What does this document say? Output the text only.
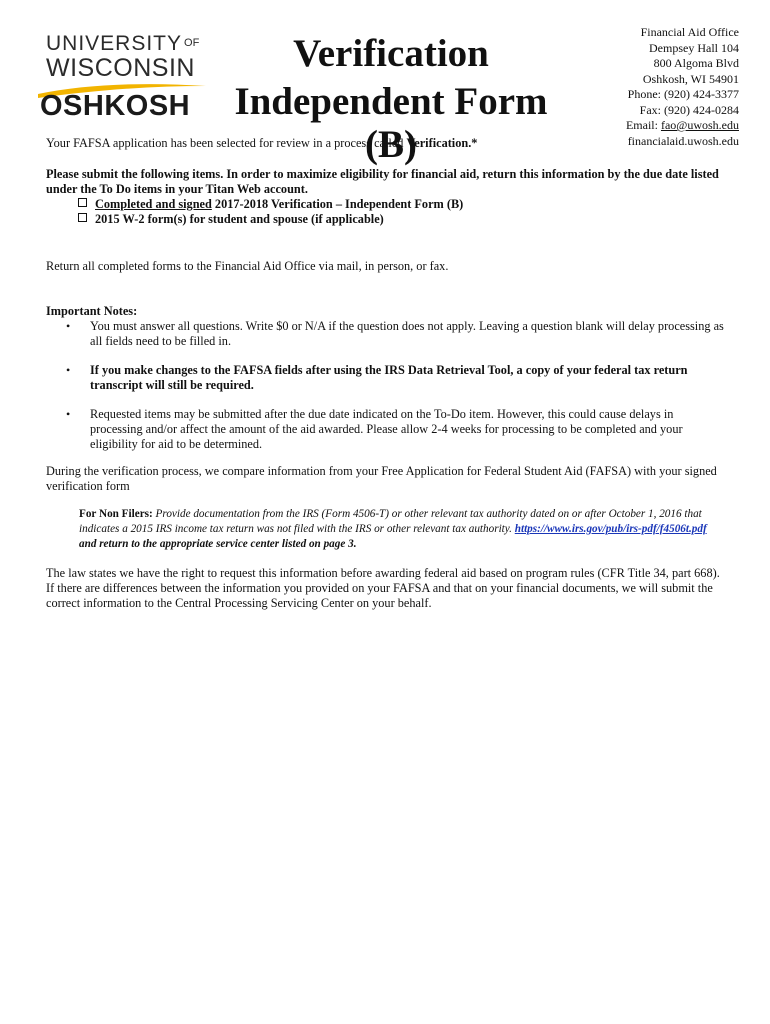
UNIVERSITY OF
WISCONSIN
OSHKOSH
Verification
Independent Form (B)
Financial Aid Office
Dempsey Hall 104
800 Algoma Blvd
Oshkosh, WI 54901
Phone: (920) 424-3377
Fax: (920) 424-0284
Email: fao@uwosh.edu
financialaid.uwosh.edu

Your FAFSA application has been selected for review in a process called Verification.*

Please submit the following items. In order to maximize eligibility for financial aid, return this information by the due date listed under the To Do items in your Titan Web account.

Completed and signed 2017-2018 Verification – Independent Form (B)
2015 W-2 form(s) for student and spouse (if applicable)

Return all completed forms to the Financial Aid Office via mail, in person, or fax.

Important Notes:

•	You must answer all questions. Write $0 or N/A if the question does not apply. Leaving a question blank will delay processing as all fields need to be filled in.
•	If you make changes to the FAFSA fields after using the IRS Data Retrieval Tool, a copy of your federal tax return transcript will still be required.
•	Requested items may be submitted after the due date indicated on the To-Do item. However, this could cause delays in processing and/or affect the amount of the aid awarded. Please allow 2-4 weeks for processing to be completed and your eligibility for aid to be determined.

During the verification process, we compare information from your Free Application for Federal Student Aid (FAFSA) with your signed verification form

For Non Filers: Provide documentation from the IRS (Form 4506-T) or other relevant tax authority dated on or after October 1, 2016 that indicates a 2015 IRS income tax return was not filed with the IRS or other relevant tax authority. https://www.irs.gov/pub/irs-pdf/f4506t.pdf and return to the appropriate service center listed on page 3.

The law states we have the right to request this information before awarding federal aid based on program rules (CFR Title 34, part 668). If there are differences between the information you provided on your FAFSA and that on your financial documents, we will submit the correct information to the Central Processing Servicing Center on your behalf.
